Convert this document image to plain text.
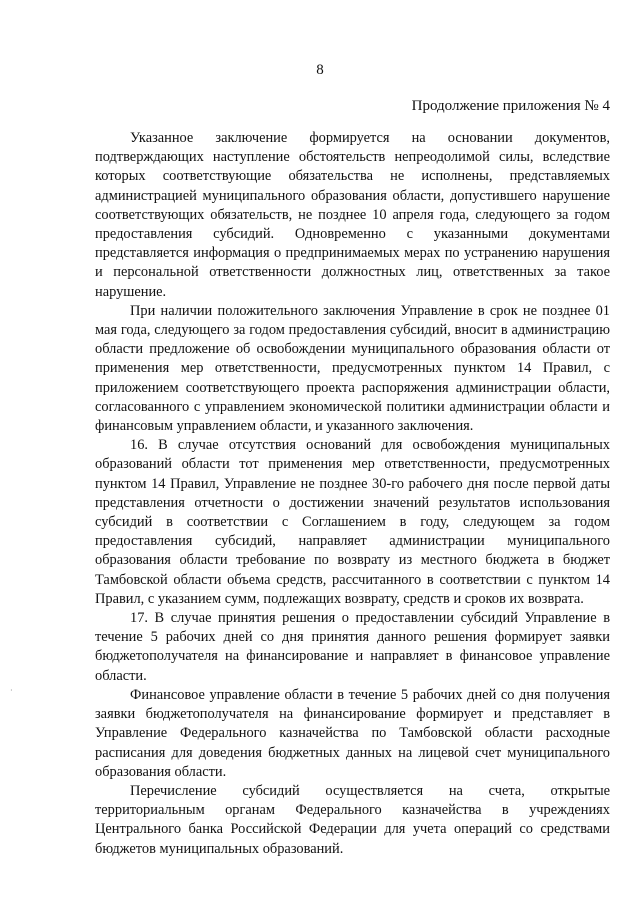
8
Продолжение приложения № 4

Указанное заключение формируется на основании документов, подтверждающих наступление обстоятельств непреодолимой силы, вследствие которых соответствующие обязательства не исполнены, представляемых администрацией муниципального образования области, допустившего нарушение соответствующих обязательств, не позднее 10 апреля года, следующего за годом предоставления субсидий. Одновременно с указанными документами представляется информация о предпринимаемых мерах по устранению нарушения и персональной ответственности должностных лиц, ответственных за такое нарушение.

При наличии положительного заключения Управление в срок не позднее 01 мая года, следующего за годом предоставления субсидий, вносит в администрацию области предложение об освобождении муниципального образования области от применения мер ответственности, предусмотренных пунктом 14 Правил, с приложением соответствующего проекта распоряжения администрации области, согласованного с управлением экономической политики администрации области и финансовым управлением области, и указанного заключения.

16. В случае отсутствия оснований для освобождения муниципальных образований области тот применения мер ответственности, предусмотренных пунктом 14 Правил, Управление не позднее 30-го рабочего дня после первой даты представления отчетности о достижении значений результатов использования субсидий в соответствии с Соглашением в году, следующем за годом предоставления субсидий, направляет администрации муниципального образования области требование по возврату из местного бюджета в бюджет Тамбовской области объема средств, рассчитанного в соответствии с пунктом 14 Правил, с указанием сумм, подлежащих возврату, средств и сроков их возврата.

17. В случае принятия решения о предоставлении субсидий Управление в течение 5 рабочих дней со дня принятия данного решения формирует заявки бюджетополучателя на финансирование и направляет в финансовое управление области.

Финансовое управление области в течение 5 рабочих дней со дня получения заявки бюджетополучателя на финансирование формирует и представляет в Управление Федерального казначейства по Тамбовской области расходные расписания для доведения бюджетных данных на лицевой счет муниципального образования области.

Перечисление субсидий осуществляется на счета, открытые территориальным органам Федерального казначейства в учреждениях Центрального банка Российской Федерации для учета операций со средствами бюджетов муниципальных образований.

·
